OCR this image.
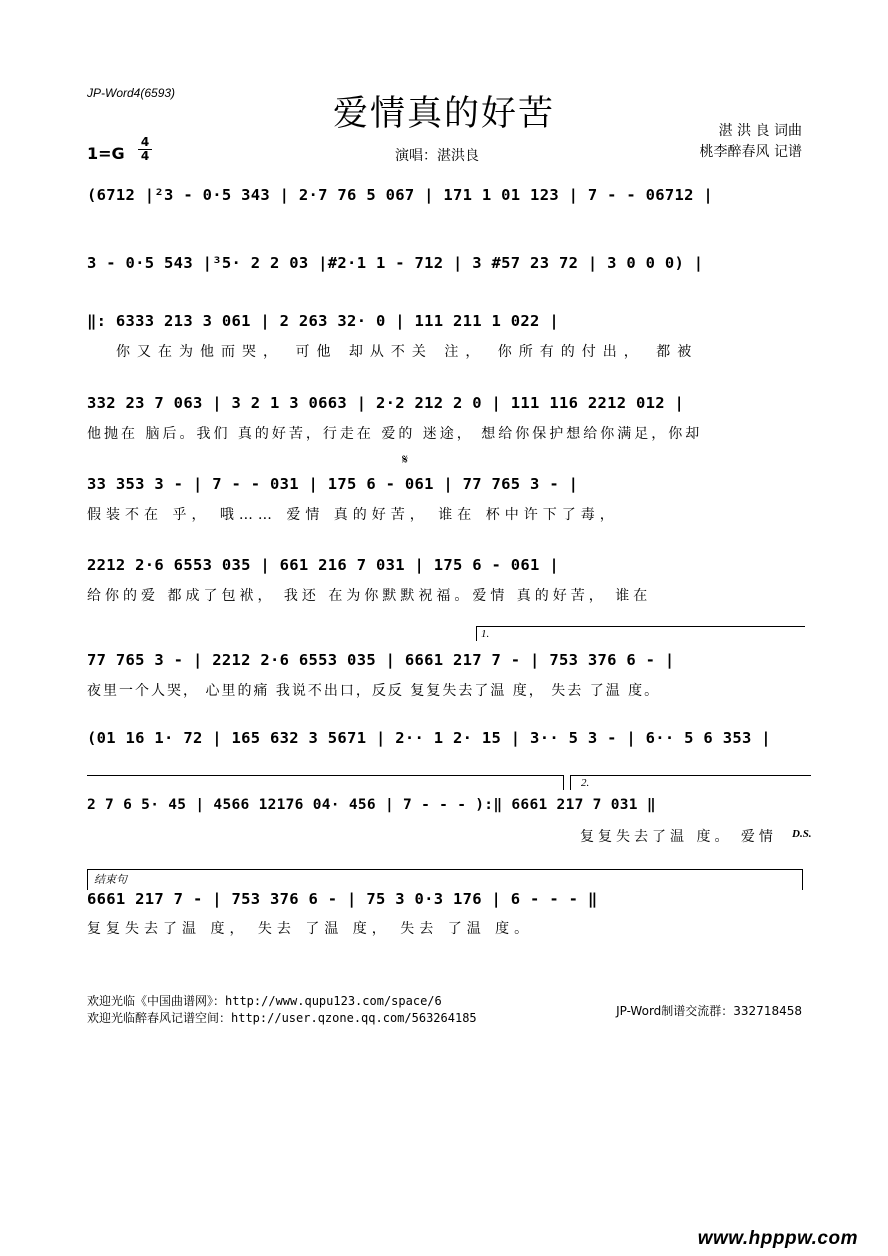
JP-Word4(6593)
爱情真的好苦	湛 洪 良 词曲
桃李醉春风 记谱
1=G
4
4	演唱：湛洪良
(6712 |²3 - 0·5 343 | 2·7 76 5 067 | 171 1 01 123 | 7 - - 06712 |
3 - 0·5 543 |³5· 2 2 03 |#2·1 1 - 712 | 3 #57 23 72 | 3 0 0 0) |
‖: 6333 213 3 061 | 2 263 32· 0 | 111 211 1 022 |
你又在为他而哭， 可他 却从不关 注， 你所有的付出， 都被
332 23 7 063 | 3 2 1 3 0663 | 2·2 212 2 0 | 111 116 2212 012 |
他抛在 脑后。我们 真的好苦，行走在 爱的 迷途， 想给你保护想给你满足，你却
𝄋
33 353 3 - | 7 - - 031 | 175 6 - 061 | 77 765 3 - |
假装不在 乎， 哦…… 爱情 真的好苦， 谁在 杯中许下了毒，
2212 2·6 6553 035 | 661 216 7 031 | 175 6 - 061 |
给你的爱 都成了包袱， 我还 在为你默默祝福。爱情 真的好苦， 谁在
1.
77 765 3 - | 2212 2·6 6553 035 | 6661 217 7 - | 753 376 6 - |
夜里一个人哭， 心里的痛 我说不出口，反反 复复失去了温 度， 失去 了温 度。
(01 16 1· 72 | 165 632 3 5671 | 2·· 1 2· 15 | 3·· 5 3 - | 6·· 5 6 353 |
2.
2 7 6 5· 45 | 4566 12176 04· 456 | 7 - - - ):‖ 6661 217 7 031 ‖
复复失去了温 度。 爱情 D.S.
结束句
6661 217 7 - | 753 376 6 - | 75 3 0·3 176 | 6 - - - ‖
复复失去了温 度， 失去 了温 度， 失去 了温 度。
欢迎光临《中国曲谱网》：http://www.qupu123.com/space/6
欢迎光临醉春风记谱空间：http://user.qzone.qq.com/563264185	JP-Word制谱交流群：332718458
www.hpppw.com
